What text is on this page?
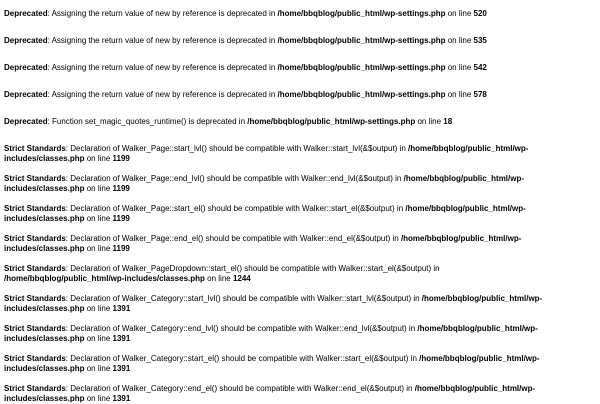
Deprecated: Assigning the return value of new by reference is deprecated in /home/bbqblog/public_html/wp-settings.php on line 520
Deprecated: Assigning the return value of new by reference is deprecated in /home/bbqblog/public_html/wp-settings.php on line 535
Deprecated: Assigning the return value of new by reference is deprecated in /home/bbqblog/public_html/wp-settings.php on line 542
Deprecated: Assigning the return value of new by reference is deprecated in /home/bbqblog/public_html/wp-settings.php on line 578
Deprecated: Function set_magic_quotes_runtime() is deprecated in /home/bbqblog/public_html/wp-settings.php on line 18
Strict Standards: Declaration of Walker_Page::start_lvl() should be compatible with Walker::start_lvl(&$output) in /home/bbqblog/public_html/wp-includes/classes.php on line 1199
Strict Standards: Declaration of Walker_Page::end_lvl() should be compatible with Walker::end_lvl(&$output) in /home/bbqblog/public_html/wp-includes/classes.php on line 1199
Strict Standards: Declaration of Walker_Page::start_el() should be compatible with Walker::start_el(&$output) in /home/bbqblog/public_html/wp-includes/classes.php on line 1199
Strict Standards: Declaration of Walker_Page::end_el() should be compatible with Walker::end_el(&$output) in /home/bbqblog/public_html/wp-includes/classes.php on line 1199
Strict Standards: Declaration of Walker_PageDropdown::start_el() should be compatible with Walker::start_el(&$output) in /home/bbqblog/public_html/wp-includes/classes.php on line 1244
Strict Standards: Declaration of Walker_Category::start_lvl() should be compatible with Walker::start_lvl(&$output) in /home/bbqblog/public_html/wp-includes/classes.php on line 1391
Strict Standards: Declaration of Walker_Category::end_lvl() should be compatible with Walker::end_lvl(&$output) in /home/bbqblog/public_html/wp-includes/classes.php on line 1391
Strict Standards: Declaration of Walker_Category::start_el() should be compatible with Walker::start_el(&$output) in /home/bbqblog/public_html/wp-includes/classes.php on line 1391
Strict Standards: Declaration of Walker_Category::end_el() should be compatible with Walker::end_el(&$output) in /home/bbqblog/public_html/wp-includes/classes.php on line 1391
